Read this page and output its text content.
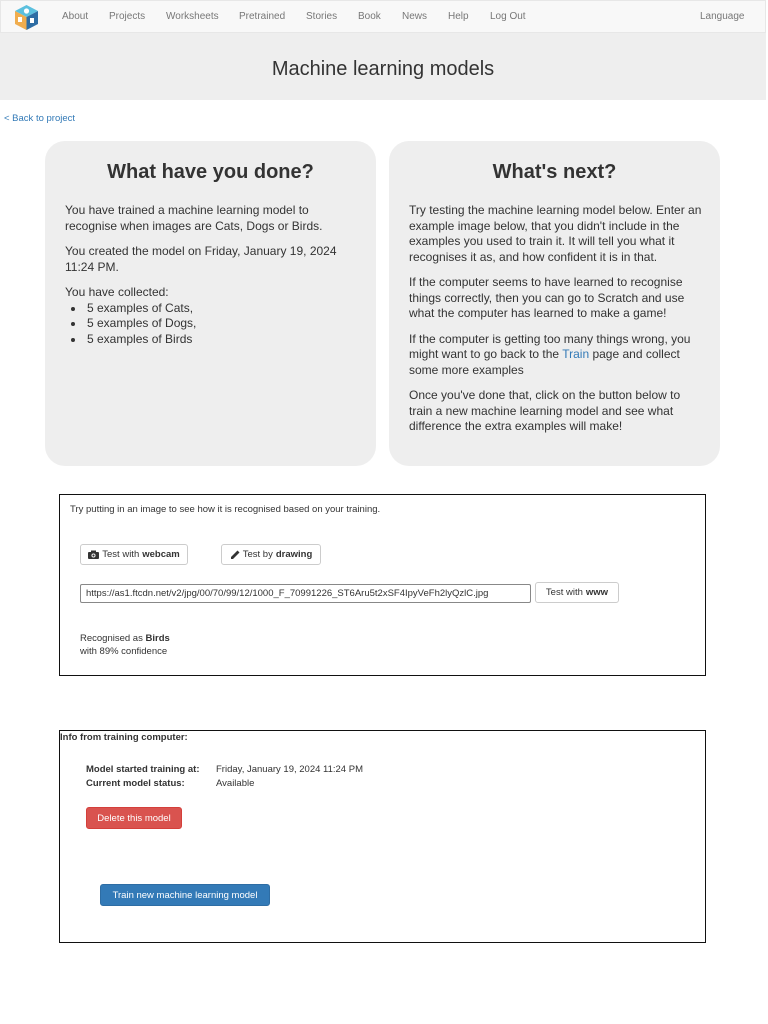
About Projects Worksheets Pretrained Stories Book News Help Log Out	Language
Machine learning models
< Back to project
What have you done?

You have trained a machine learning model to recognise when images are Cats, Dogs or Birds.

You created the model on Friday, January 19, 2024 11:24 PM.

You have collected:
• 5 examples of Cats,
• 5 examples of Dogs,
• 5 examples of Birds
What's next?

Try testing the machine learning model below. Enter an example image below, that you didn't include in the examples you used to train it. It will tell you what it recognises it as, and how confident it is in that.

If the computer seems to have learned to recognise things correctly, then you can go to Scratch and use what the computer has learned to make a game!

If the computer is getting too many things wrong, you might want to go back to the Train page and collect some more examples

Once you've done that, click on the button below to train a new machine learning model and see what difference the extra examples will make!

Try putting in an image to see how it is recognised based on your training.
Test with webcam	Test by drawing
https://as1.ftcdn.net/v2/jpg/00/70/99/12/1000_F_70991226_ST6Aru5t2xSF4IpyVeFh2lyQzlC.jpg
Test with www
Recognised as Birds
with 89% confidence
Info from training computer:
Model started training at: Friday, January 19, 2024 11:24 PM
Current model status:	Available
Delete this model
Train new machine learning model
